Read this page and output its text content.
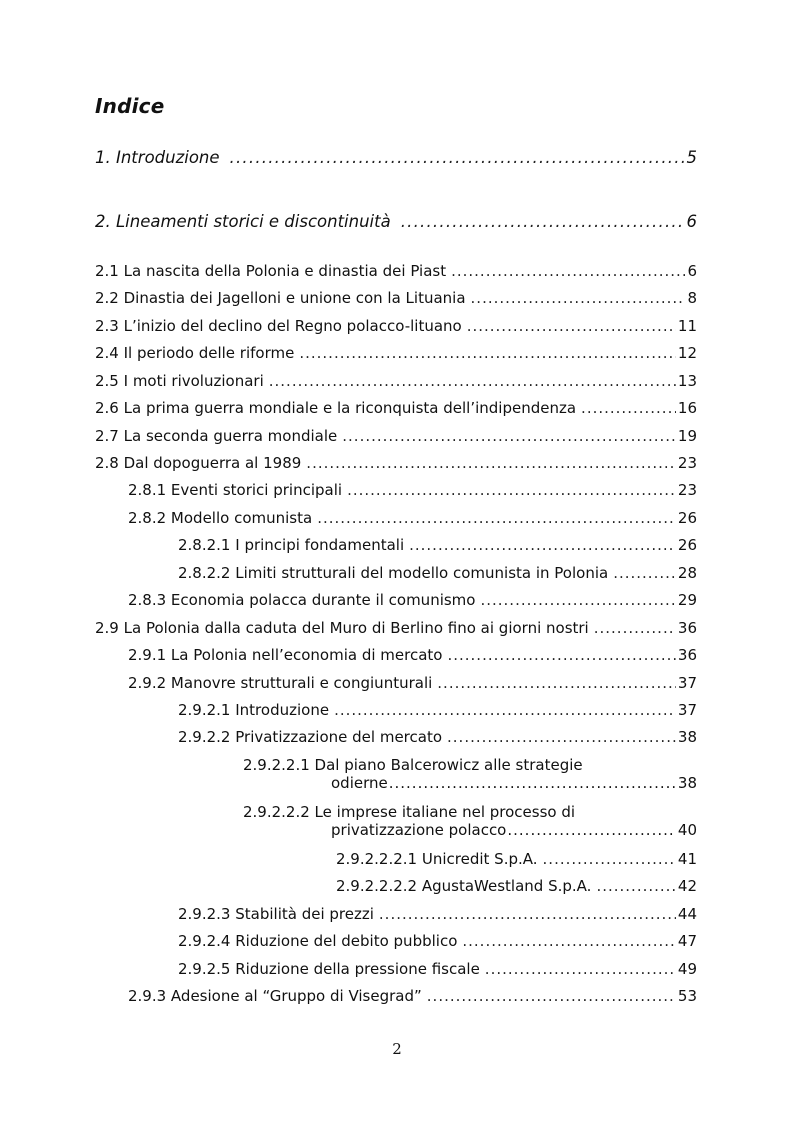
Indice
1. Introduzione .....	5
2. Lineamenti storici e discontinuità .....	6
2.1 La nascita della Polonia e dinastia dei Piast .....	6
2.2 Dinastia dei Jagelloni e unione con la Lituania .....	8
2.3 L’inizio del declino del Regno polacco-lituano .....	11
2.4 Il periodo delle riforme .....	12
2.5 I moti rivoluzionari .....	13
2.6 La prima guerra mondiale e la riconquista dell’indipendenza .....	16
2.7 La seconda guerra mondiale .....	19
2.8 Dal dopoguerra al 1989 .....	23
2.8.1 Eventi storici principali .....	23
2.8.2 Modello comunista .....	26
2.8.2.1 I principi fondamentali .....	26
2.8.2.2 Limiti strutturali del modello comunista in Polonia .....	28
2.8.3 Economia polacca durante il comunismo .....	29
2.9 La Polonia dalla caduta del Muro di Berlino fino ai giorni nostri .....	36
2.9.1 La Polonia nell’economia di mercato .....	36
2.9.2 Manovre strutturali e congiunturali .....	37
2.9.2.1 Introduzione .....	37
2.9.2.2 Privatizzazione del mercato .....	38
2.9.2.2.1 Dal piano Balcerowicz alle strategie
odierne .....	38
2.9.2.2.2 Le imprese italiane nel processo di
privatizzazione polacco .....	40
2.9.2.2.2.1 Unicredit S.p.A. .....	41
2.9.2.2.2.2 AgustaWestland S.p.A. .....	42
2.9.2.3 Stabilità dei prezzi .....	44
2.9.2.4 Riduzione del debito pubblico .....	47
2.9.2.5 Riduzione della pressione fiscale .....	49
2.9.3 Adesione al “Gruppo di Visegrad” .....	53
2
